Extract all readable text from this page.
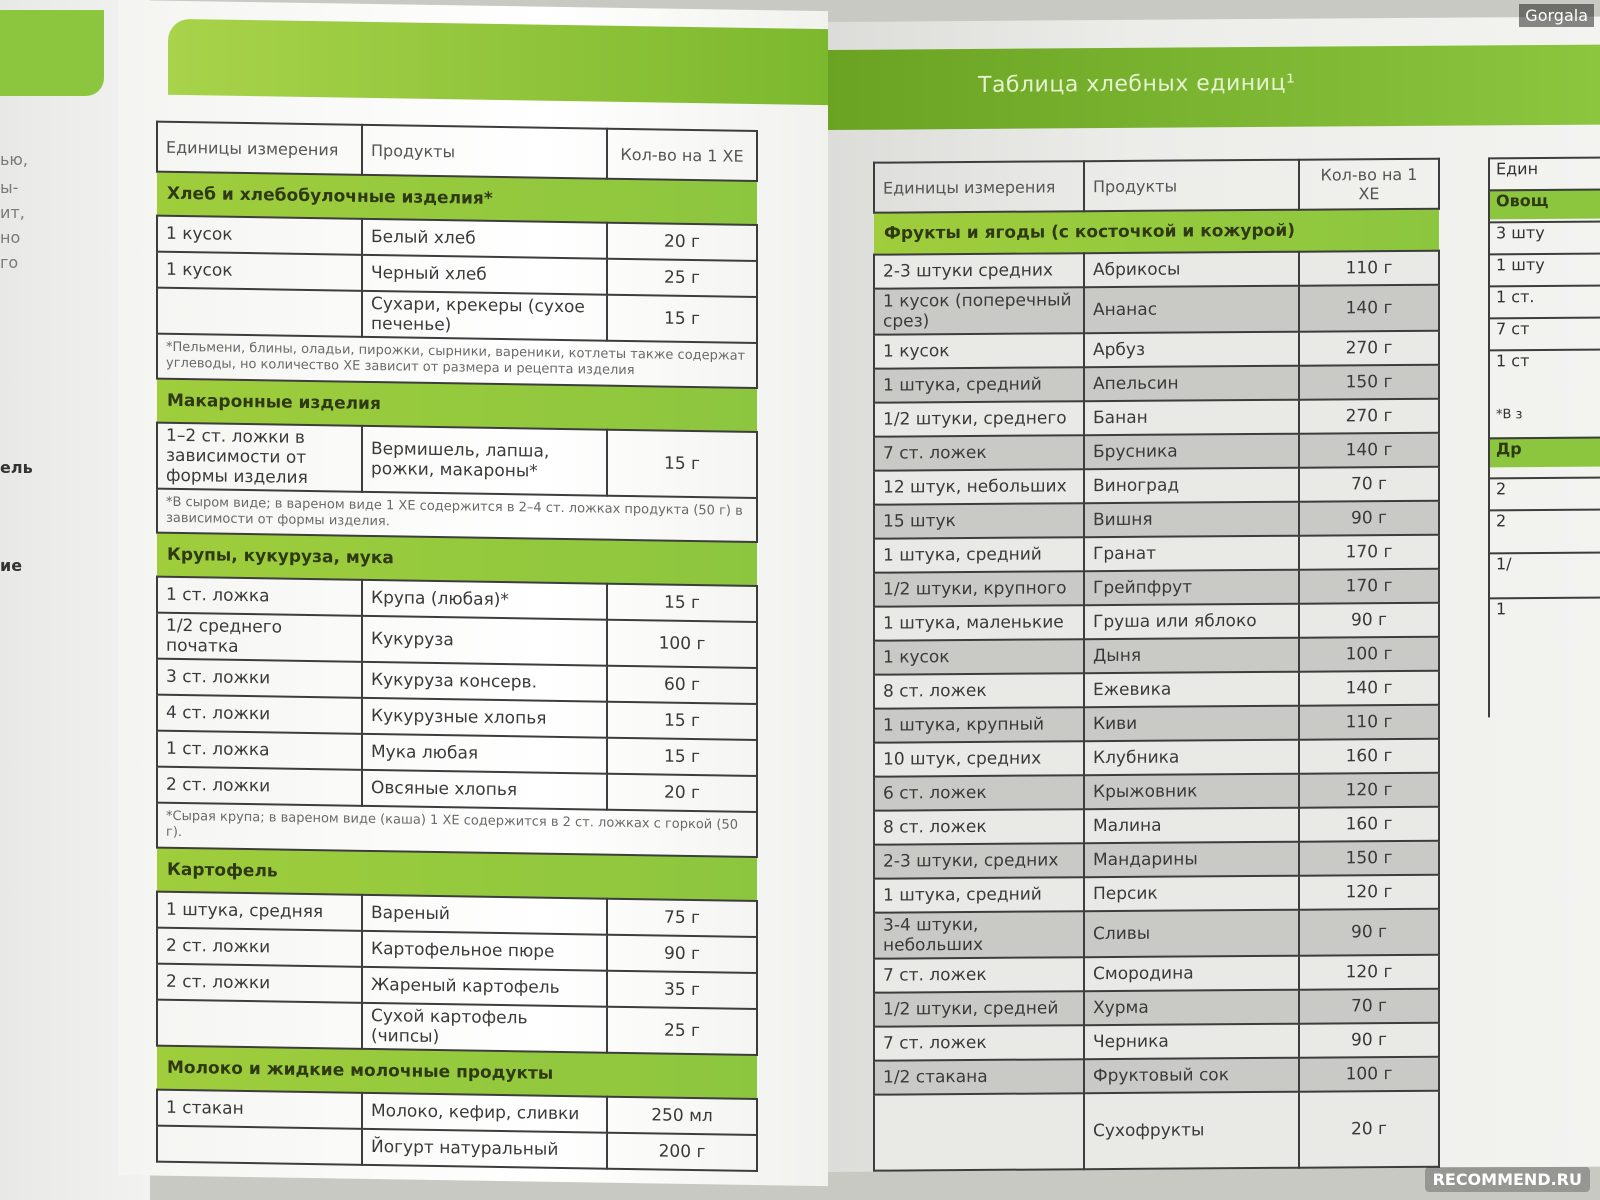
ью,
ы-
ит,
но
го
ель
ие
Единицы измерения	Продукты	Кол-во на 1 ХЕ
Хлеб и хлебобулочные изделия*		
1 кусок	Белый хлеб	20 г
1 кусок	Черный хлеб	25 г
	Сухари, крекеры (сухое печенье)	15 г
*Пельмени, блины, оладьи, пирожки, сырники, вареники, котлеты также содержат углеводы, но количество ХЕ зависит от размера и рецепта изделия		
Макаронные изделия		
1–2 ст. ложки в зависимости от формы изделия	Вермишель, лапша, рожки, макароны*	15 г
*В сыром виде; в вареном виде 1 ХЕ содержится в 2–4 ст. ложках продукта (50 г) в зависимости от формы изделия.		
Крупы, кукуруза, мука		
1 ст. ложка	Крупа (любая)*	15 г
1/2 среднего початка	Кукуруза	100 г
3 ст. ложки	Кукуруза консерв.	60 г
4 ст. ложки	Кукурузные хлопья	15 г
1 ст. ложка	Мука любая	15 г
2 ст. ложки	Овсяные хлопья	20 г
*Сырая крупа; в вареном виде (каша) 1 ХЕ содержится в 2 ст. ложках с горкой (50 г).		
Картофель		
1 штука, средняя	Вареный	75 г
2 ст. ложки	Картофельное пюре	90 г
2 ст. ложки	Жареный картофель	35 г
	Сухой картофель (чипсы)	25 г
Молоко и жидкие молочные продукты		
1 стакан	Молоко, кефир, сливки	250 мл
	Йогурт натуральный	200 г
Таблица хлебных единиц¹
Единицы измерения	Продукты	Кол-во на 1 ХЕ
Фрукты и ягоды (с косточкой и кожурой)		
2-3 штуки средних	Абрикосы	110 г
1 кусок (поперечный срез)	Ананас	140 г
1 кусок	Арбуз	270 г
1 штука, средний	Апельсин	150 г
1/2 штуки, среднего	Банан	270 г
7 ст. ложек	Брусника	140 г
12 штук, небольших	Виноград	70 г
15 штук	Вишня	90 г
1 штука, средний	Гранат	170 г
1/2 штуки, крупного	Грейпфрут	170 г
1 штука, маленькие	Груша или яблоко	90 г
1 кусок	Дыня	100 г
8 ст. ложек	Ежевика	140 г
1 штука, крупный	Киви	110 г
10 штук, средних	Клубника	160 г
6 ст. ложек	Крыжовник	120 г
8 ст. ложек	Малина	160 г
2-3 штуки, средних	Мандарины	150 г
1 штука, средний	Персик	120 г
3-4 штуки, небольших	Сливы	90 г
7 ст. ложек	Смородина	120 г
1/2 штуки, средней	Хурма	70 г
7 ст. ложек	Черника	90 г
1/2 стакана	Фруктовый сок	100 г
	Сухофрукты	20 г
Един
Овощ
3 шту
1 шту
1 ст.
7 ст
1 ст
*В з
Др
2
2
1/
1
Gorgala
RECOMMEND.RU
